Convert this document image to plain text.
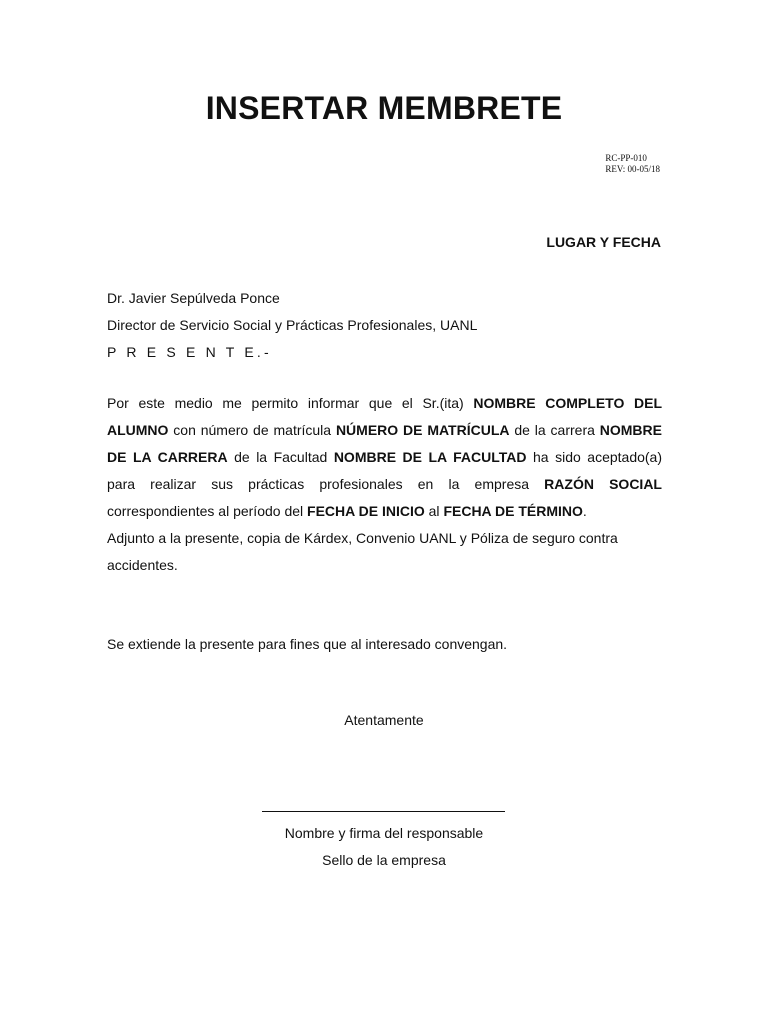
INSERTAR MEMBRETE
RC-PP-010
REV: 00-05/18
LUGAR Y FECHA
Dr. Javier Sepúlveda Ponce
Director de Servicio Social y Prácticas Profesionales, UANL
P R E S E N T E.-

Por este medio me permito informar que el Sr.(ita) NOMBRE COMPLETO DEL ALUMNO con número de matrícula NÚMERO DE MATRÍCULA de la carrera NOMBRE DE LA CARRERA de la Facultad NOMBRE DE LA FACULTAD ha sido aceptado(a) para realizar sus prácticas profesionales en la empresa RAZÓN SOCIAL correspondientes al período del FECHA DE INICIO al FECHA DE TÉRMINO.

Adjunto a la presente, copia de Kárdex, Convenio UANL y Póliza de seguro contra accidentes.

Se extiende la presente para fines que al interesado convengan.
Atentamente
Nombre y firma del responsable
Sello de la empresa
